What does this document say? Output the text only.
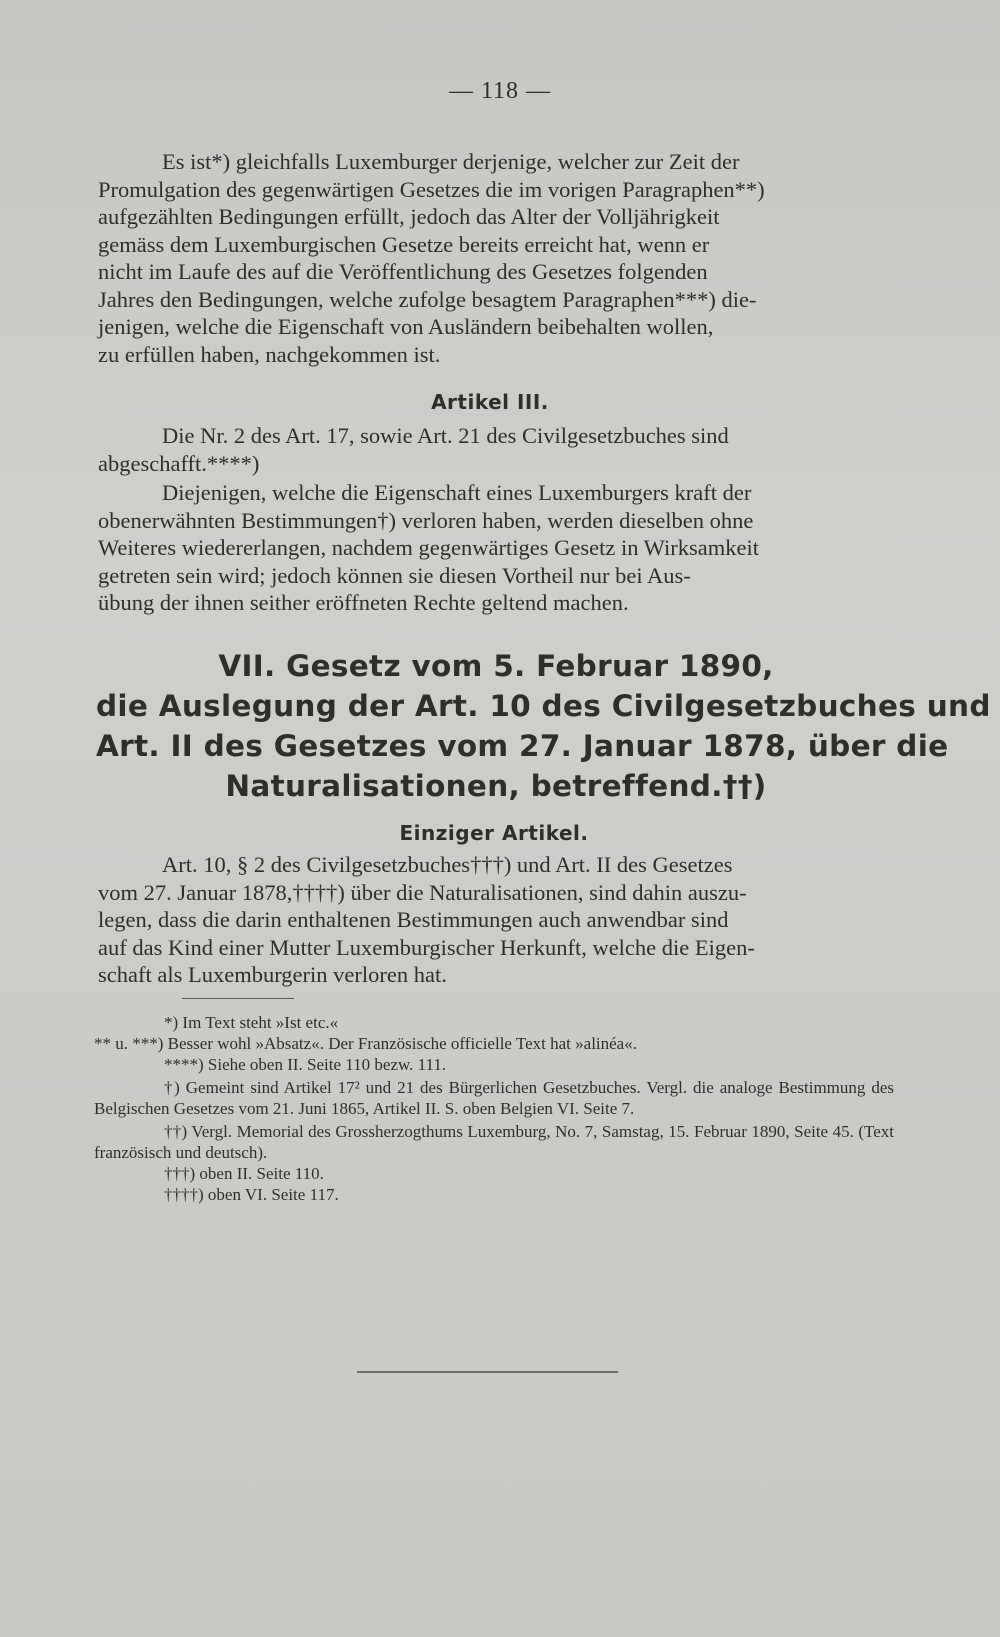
— 118 —
Es ist*) gleichfalls Luxemburger derjenige, welcher zur Zeit der
Promulgation des gegenwärtigen Gesetzes die im vorigen Paragraphen**)
aufgezählten Bedingungen erfüllt, jedoch das Alter der Volljährigkeit
gemäss dem Luxemburgischen Gesetze bereits erreicht hat, wenn er
nicht im Laufe des auf die Veröffentlichung des Gesetzes folgenden
Jahres den Bedingungen, welche zufolge besagtem Paragraphen***) die-
jenigen, welche die Eigenschaft von Ausländern beibehalten wollen,
zu erfüllen haben, nachgekommen ist.
Artikel III.
Die Nr. 2 des Art. 17, sowie Art. 21 des Civilgesetzbuches sind
abgeschafft.****)
Diejenigen, welche die Eigenschaft eines Luxemburgers kraft der
obenerwähnten Bestimmungen†) verloren haben, werden dieselben ohne
Weiteres wiedererlangen, nachdem gegenwärtiges Gesetz in Wirksamkeit
getreten sein wird; jedoch können sie diesen Vortheil nur bei Aus-
übung der ihnen seither eröffneten Rechte geltend machen.
VII. Gesetz vom 5. Februar 1890,
die Auslegung der Art. 10 des Civilgesetzbuches und
Art. II des Gesetzes vom 27. Januar 1878, über die
Naturalisationen, betreffend.††)
Einziger Artikel.
Art. 10, § 2 des Civilgesetzbuches†††) und Art. II des Gesetzes
vom 27. Januar 1878,††††) über die Naturalisationen, sind dahin auszu-
legen, dass die darin enthaltenen Bestimmungen auch anwendbar sind
auf das Kind einer Mutter Luxemburgischer Herkunft, welche die Eigen-
schaft als Luxemburgerin verloren hat.

*) Im Text steht »Ist etc.«

** u. ***) Besser wohl »Absatz«. Der Französische officielle Text hat »alinéa«.

****) Siehe oben II. Seite 110 bezw. 111.

†) Gemeint sind Artikel 17² und 21 des Bürgerlichen Gesetzbuches. Vergl. die analoge Bestimmung des Belgischen Gesetzes vom 21. Juni 1865, Artikel II. S. oben Belgien VI. Seite 7.

††) Vergl. Memorial des Grossherzogthums Luxemburg, No. 7, Samstag, 15. Februar 1890, Seite 45. (Text französisch und deutsch).

†††) oben II. Seite 110.

††††) oben VI. Seite 117.
